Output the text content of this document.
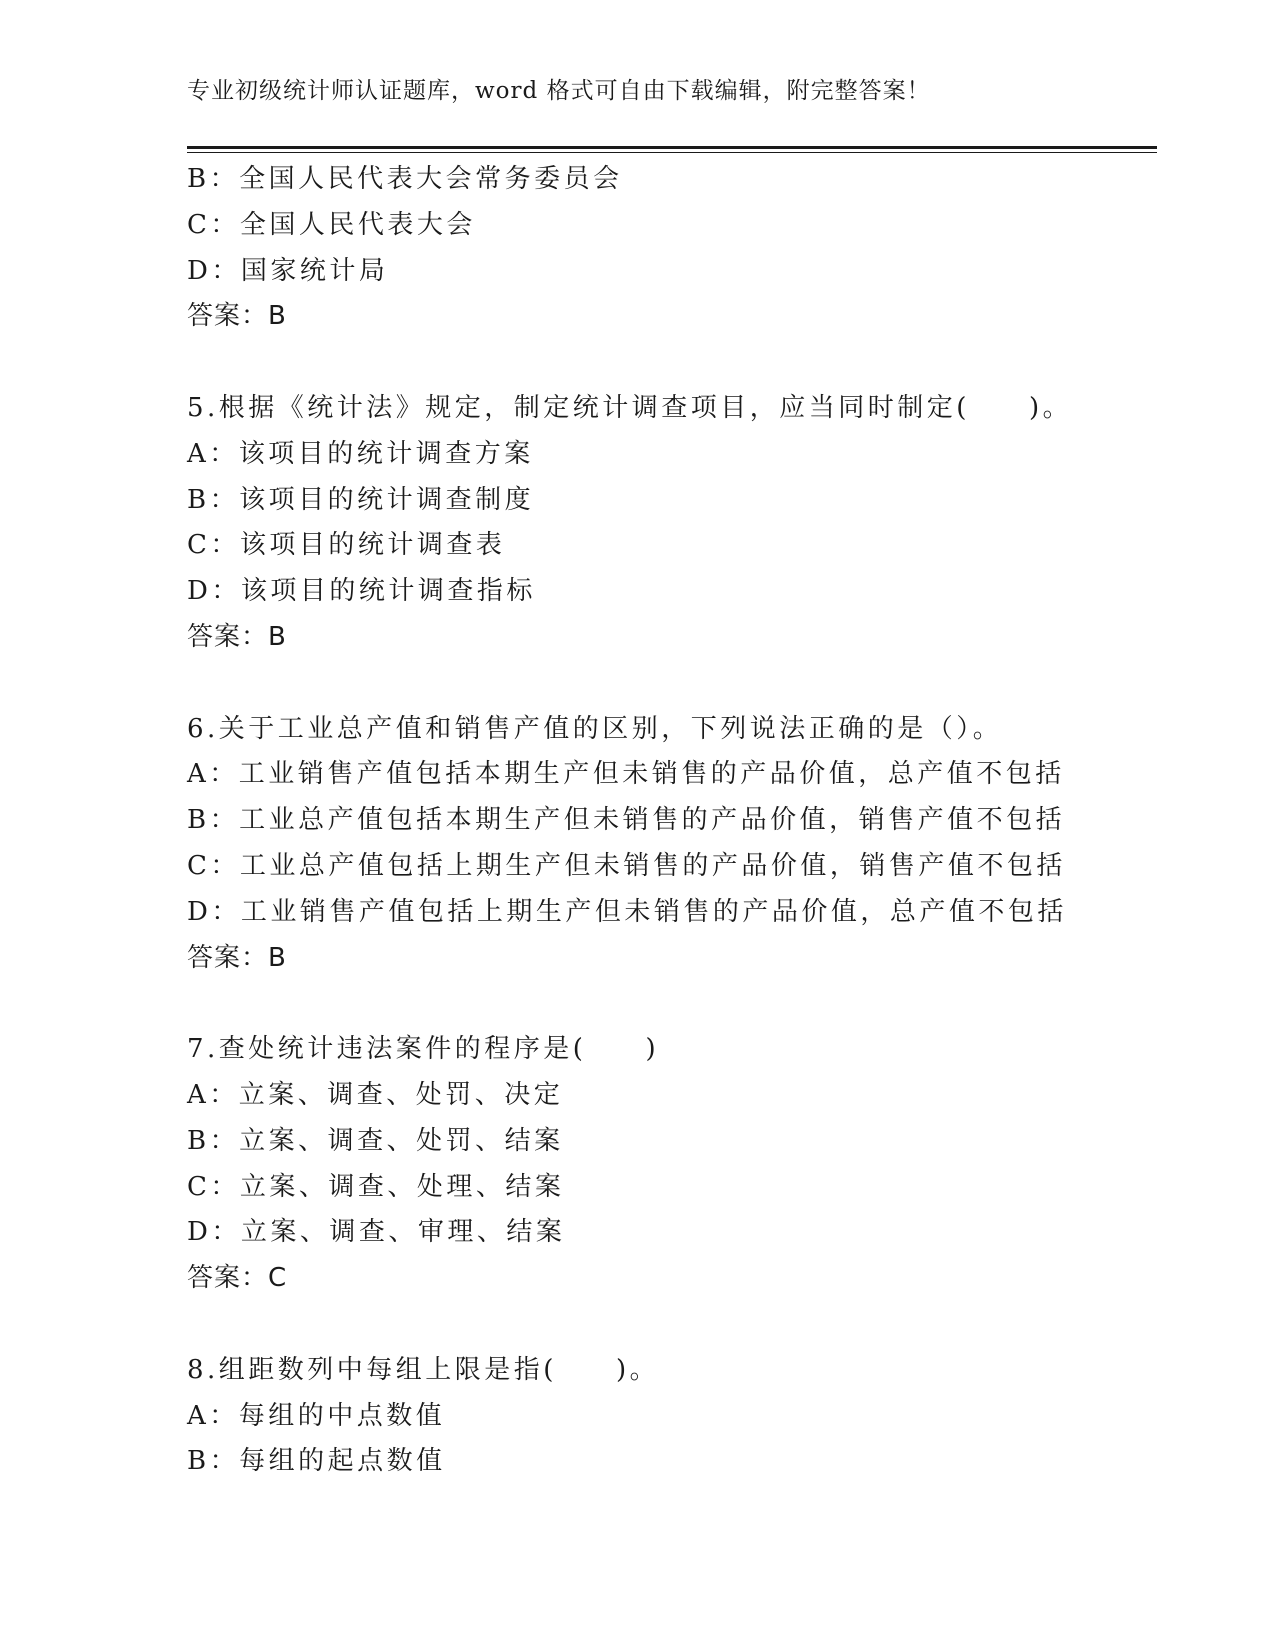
专业初级统计师认证题库，word 格式可自由下载编辑，附完整答案！
B：全国人民代表大会常务委员会
C：全国人民代表大会
D：国家统计局
答案：B
5.根据《统计法》规定，制定统计调查项目，应当同时制定(　　)。
A：该项目的统计调查方案
B：该项目的统计调查制度
C：该项目的统计调查表
D：该项目的统计调查指标
答案：B
6.关于工业总产值和销售产值的区别，下列说法正确的是（）。
A：工业销售产值包括本期生产但未销售的产品价值，总产值不包括
B：工业总产值包括本期生产但未销售的产品价值，销售产值不包括
C：工业总产值包括上期生产但未销售的产品价值，销售产值不包括
D：工业销售产值包括上期生产但未销售的产品价值，总产值不包括
答案：B
7.查处统计违法案件的程序是(　　)
A：立案、调查、处罚、决定
B：立案、调查、处罚、结案
C：立案、调查、处理、结案
D：立案、调查、审理、结案
答案：C
8.组距数列中每组上限是指(　　)。
A：每组的中点数值
B：每组的起点数值
